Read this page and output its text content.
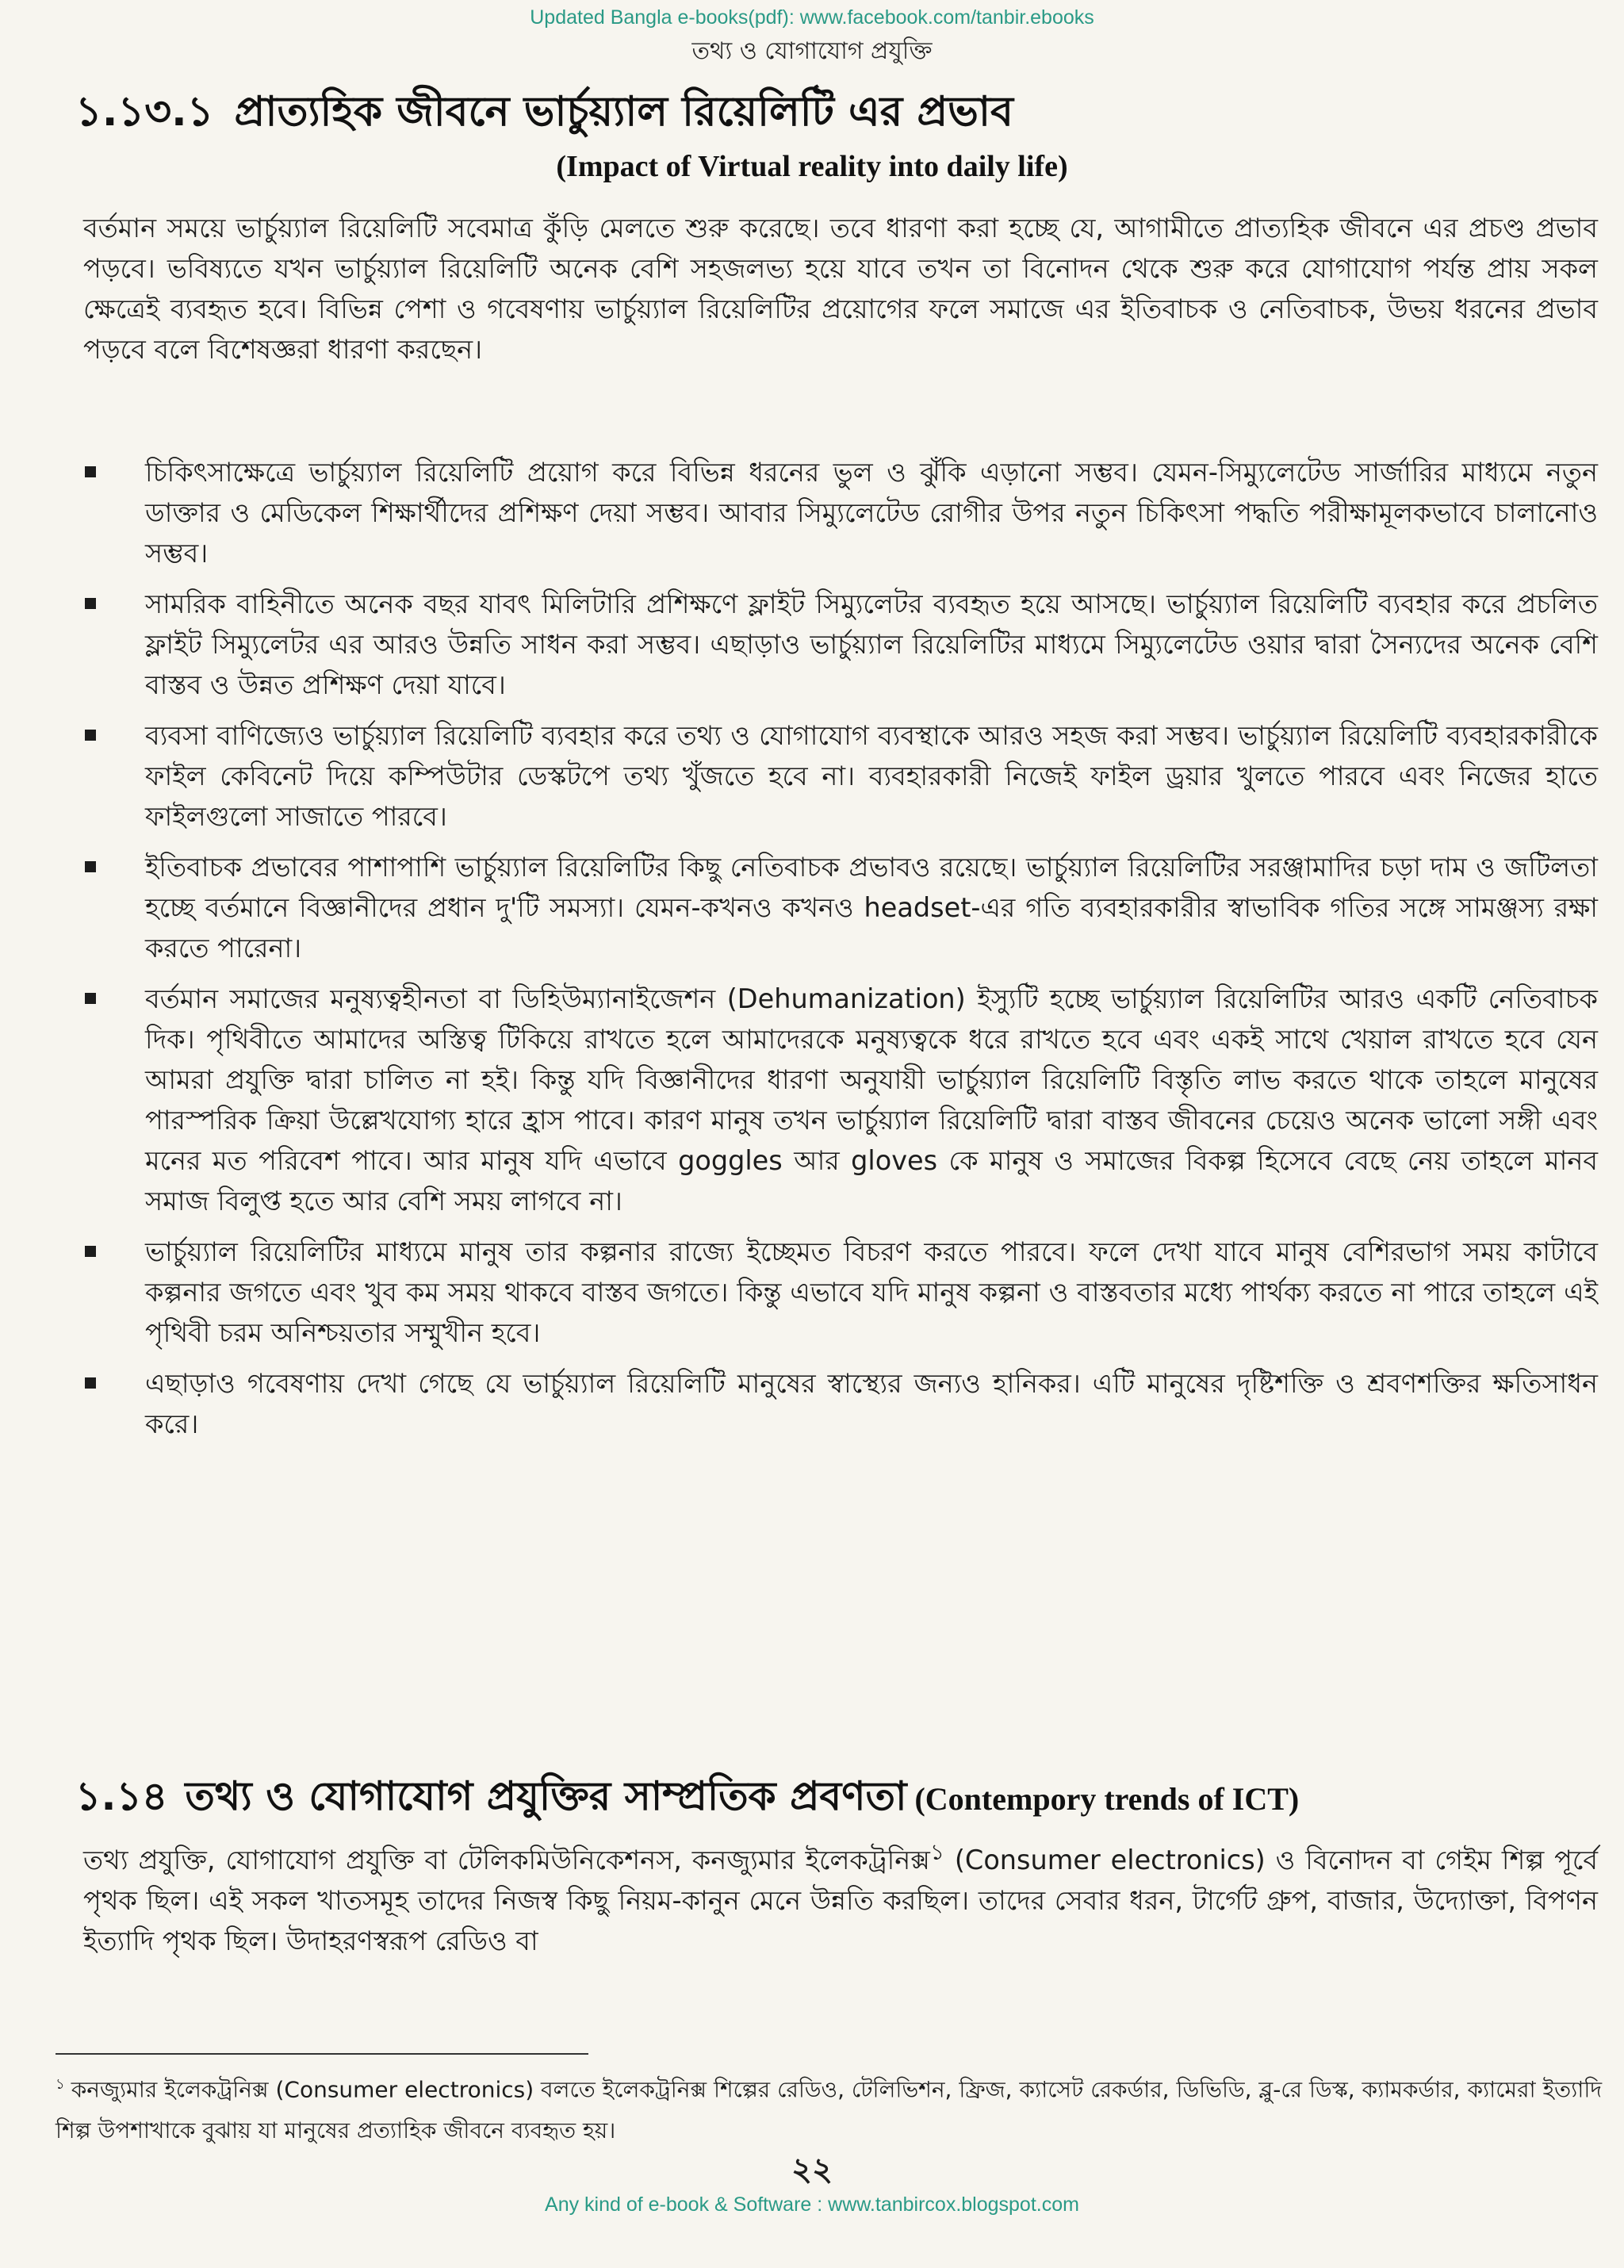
Updated Bangla e-books(pdf): www.facebook.com/tanbir.ebooks
তথ্য ও যোগাযোগ প্রযুক্তি
১.১৩.১ প্রাত্যহিক জীবনে ভার্চুয়্যাল রিয়েলিটি এর প্রভাব
(Impact of Virtual reality into daily life)
বর্তমান সময়ে ভার্চুয়্যাল রিয়েলিটি সবেমাত্র কুঁড়ি মেলতে শুরু করেছে। তবে ধারণা করা হচ্ছে যে, আগামীতে প্রাত্যহিক জীবনে এর প্রচণ্ড প্রভাব পড়বে। ভবিষ্যতে যখন ভার্চুয়্যাল রিয়েলিটি অনেক বেশি সহজলভ্য হয়ে যাবে তখন তা বিনোদন থেকে শুরু করে যোগাযোগ পর্যন্ত প্রায় সকল ক্ষেত্রেই ব্যবহৃত হবে। বিভিন্ন পেশা ও গবেষণায় ভার্চুয়্যাল রিয়েলিটির প্রয়োগের ফলে সমাজে এর ইতিবাচক ও নেতিবাচক, উভয় ধরনের প্রভাব পড়বে বলে বিশেষজ্ঞরা ধারণা করছেন।
চিকিৎসাক্ষেত্রে ভার্চুয়্যাল রিয়েলিটি প্রয়োগ করে বিভিন্ন ধরনের ভুল ও ঝুঁকি এড়ানো সম্ভব। যেমন-সিম্যুলেটেড সার্জারির মাধ্যমে নতুন ডাক্তার ও মেডিকেল শিক্ষার্থীদের প্রশিক্ষণ দেয়া সম্ভব। আবার সিম্যুলেটেড রোগীর উপর নতুন চিকিৎসা পদ্ধতি পরীক্ষামূলকভাবে চালানোও সম্ভব।
সামরিক বাহিনীতে অনেক বছর যাবৎ মিলিটারি প্রশিক্ষণে ফ্লাইট সিম্যুলেটর ব্যবহৃত হয়ে আসছে। ভার্চুয়্যাল রিয়েলিটি ব্যবহার করে প্রচলিত ফ্লাইট সিম্যুলেটর এর আরও উন্নতি সাধন করা সম্ভব। এছাড়াও ভার্চুয়্যাল রিয়েলিটির মাধ্যমে সিম্যুলেটেড ওয়ার দ্বারা সৈন্যদের অনেক বেশি বাস্তব ও উন্নত প্রশিক্ষণ দেয়া যাবে।
ব্যবসা বাণিজ্যেও ভার্চুয়্যাল রিয়েলিটি ব্যবহার করে তথ্য ও যোগাযোগ ব্যবস্থাকে আরও সহজ করা সম্ভব। ভার্চুয়্যাল রিয়েলিটি ব্যবহারকারীকে ফাইল কেবিনেট দিয়ে কম্পিউটার ডেস্কটপে তথ্য খুঁজতে হবে না। ব্যবহারকারী নিজেই ফাইল ড্রয়ার খুলতে পারবে এবং নিজের হাতে ফাইলগুলো সাজাতে পারবে।
ইতিবাচক প্রভাবের পাশাপাশি ভার্চুয়্যাল রিয়েলিটির কিছু নেতিবাচক প্রভাবও রয়েছে। ভার্চুয়্যাল রিয়েলিটির সরঞ্জামাদির চড়া দাম ও জটিলতা হচ্ছে বর্তমানে বিজ্ঞানীদের প্রধান দু'টি সমস্যা। যেমন-কখনও কখনও headset-এর গতি ব্যবহারকারীর স্বাভাবিক গতির সঙ্গে সামঞ্জস্য রক্ষা করতে পারেনা।
বর্তমান সমাজের মনুষ্যত্বহীনতা বা ডিহিউম্যানাইজেশন (Dehumanization) ইস্যুটি হচ্ছে ভার্চুয়্যাল রিয়েলিটির আরও একটি নেতিবাচক দিক। পৃথিবীতে আমাদের অস্তিত্ব টিকিয়ে রাখতে হলে আমাদেরকে মনুষ্যত্বকে ধরে রাখতে হবে এবং একই সাথে খেয়াল রাখতে হবে যেন আমরা প্রযুক্তি দ্বারা চালিত না হই। কিন্তু যদি বিজ্ঞানীদের ধারণা অনুযায়ী ভার্চুয়্যাল রিয়েলিটি বিস্তৃতি লাভ করতে থাকে তাহলে মানুষের পারস্পরিক ক্রিয়া উল্লেখযোগ্য হারে হ্রাস পাবে। কারণ মানুষ তখন ভার্চুয়্যাল রিয়েলিটি দ্বারা বাস্তব জীবনের চেয়েও অনেক ভালো সঙ্গী এবং মনের মত পরিবেশ পাবে। আর মানুষ যদি এভাবে goggles আর gloves কে মানুষ ও সমাজের বিকল্প হিসেবে বেছে নেয় তাহলে মানব সমাজ বিলুপ্ত হতে আর বেশি সময় লাগবে না।
ভার্চুয়্যাল রিয়েলিটির মাধ্যমে মানুষ তার কল্পনার রাজ্যে ইচ্ছেমত বিচরণ করতে পারবে। ফলে দেখা যাবে মানুষ বেশিরভাগ সময় কাটাবে কল্পনার জগতে এবং খুব কম সময় থাকবে বাস্তব জগতে। কিন্তু এভাবে যদি মানুষ কল্পনা ও বাস্তবতার মধ্যে পার্থক্য করতে না পারে তাহলে এই পৃথিবী চরম অনিশ্চয়তার সম্মুখীন হবে।
এছাড়াও গবেষণায় দেখা গেছে যে ভার্চুয়্যাল রিয়েলিটি মানুষের স্বাস্থ্যের জন্যও হানিকর। এটি মানুষের দৃষ্টিশক্তি ও শ্রবণশক্তির ক্ষতিসাধন করে।
১.১৪ তথ্য ও যোগাযোগ প্রযুক্তির সাম্প্রতিক প্রবণতা (Contempory trends of ICT)
তথ্য প্রযুক্তি, যোগাযোগ প্রযুক্তি বা টেলিকমিউনিকেশনস, কনজ্যুমার ইলেকট্রনিক্স$^১$ (Consumer electronics) ও বিনোদন বা গেইম শিল্প পূর্বে পৃথক ছিল। এই সকল খাতসমূহ তাদের নিজস্ব কিছু নিয়ম-কানুন মেনে উন্নতি করছিল। তাদের সেবার ধরন, টার্গেট গ্রুপ, বাজার, উদ্যোক্তা, বিপণন ইত্যাদি পৃথক ছিল। উদাহরণস্বরূপ রেডিও বা
$^১$ কনজ্যুমার ইলেকট্রনিক্স (Consumer electronics) বলতে ইলেকট্রনিক্স শিল্পের রেডিও, টেলিভিশন, ফ্রিজ, ক্যাসেট রেকর্ডার, ডিভিডি, ব্লু-রে ডিস্ক, ক্যামকর্ডার, ক্যামেরা ইত্যাদি শিল্প উপশাখাকে বুঝায় যা মানুষের প্রত্যাহিক জীবনে ব্যবহৃত হয়।
২২
Any kind of e-book & Software : www.tanbircox.blogspot.com
